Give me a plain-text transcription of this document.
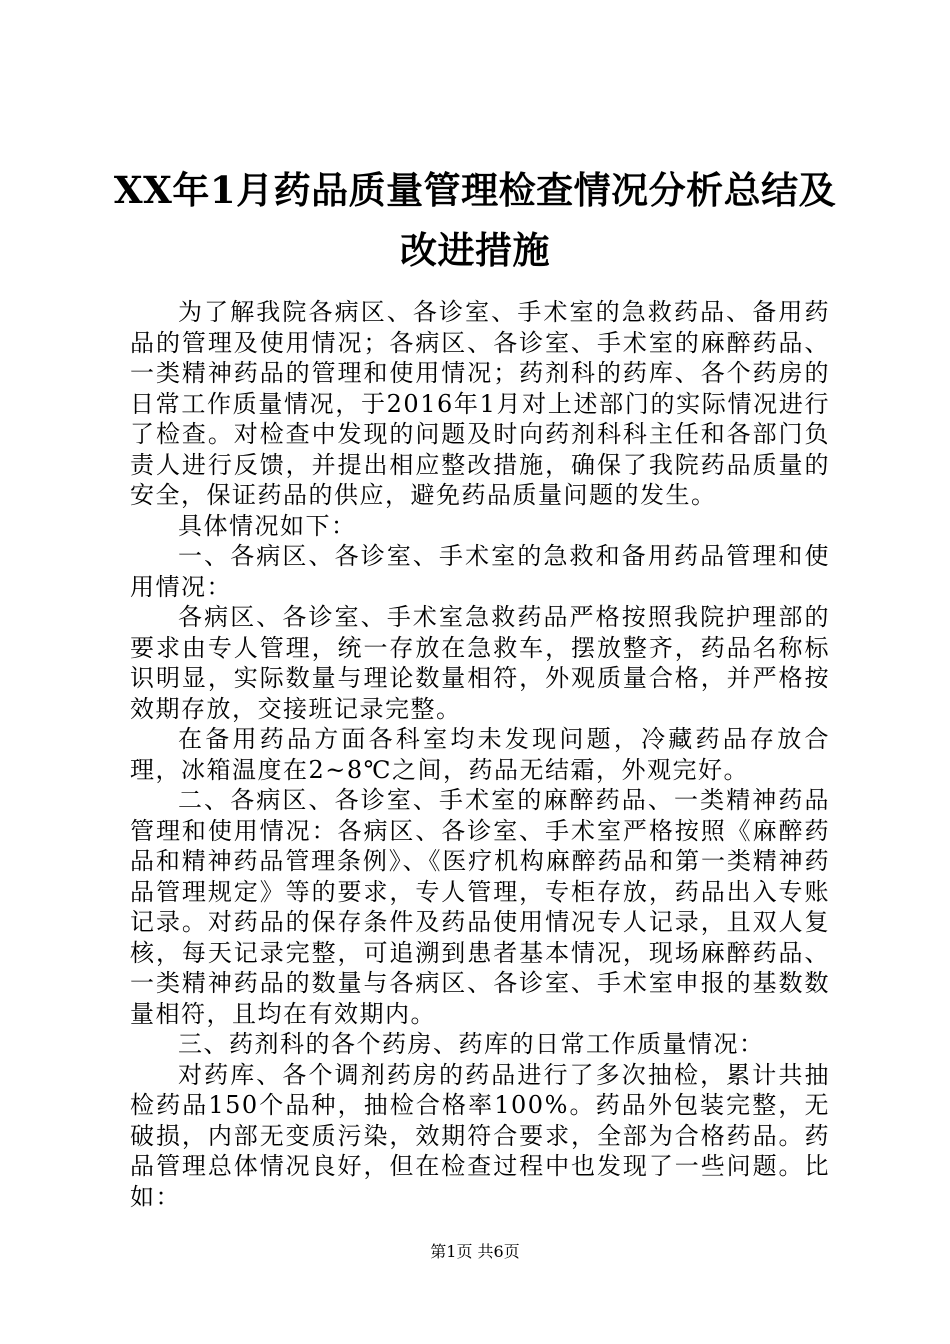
XX年1月药品质量管理检查情况分析总结及改进措施

为了解我院各病区、各诊室、手术室的急救药品、备用药品的管理及使用情况；各病区、各诊室、手术室的麻醉药品、一类精神药品的管理和使用情况；药剂科的药库、各个药房的日常工作质量情况，于2016年1月对上述部门的实际情况进行了检查。对检查中发现的问题及时向药剂科科主任和各部门负责人进行反馈，并提出相应整改措施，确保了我院药品质量的安全，保证药品的供应，避免药品质量问题的发生。

具体情况如下：

一、各病区、各诊室、手术室的急救和备用药品管理和使用情况：

各病区、各诊室、手术室急救药品严格按照我院护理部的要求由专人管理，统一存放在急救车，摆放整齐，药品名称标识明显，实际数量与理论数量相符，外观质量合格，并严格按效期存放，交接班记录完整。

在备用药品方面各科室均未发现问题，冷藏药品存放合理，冰箱温度在2~8℃之间，药品无结霜，外观完好。

二、各病区、各诊室、手术室的麻醉药品、一类精神药品管理和使用情况：各病区、各诊室、手术室严格按照《麻醉药品和精神药品管理条例》、《医疗机构麻醉药品和第一类精神药品管理规定》等的要求，专人管理，专柜存放，药品出入专账记录。对药品的保存条件及药品使用情况专人记录，且双人复核，每天记录完整，可追溯到患者基本情况，现场麻醉药品、一类精神药品的数量与各病区、各诊室、手术室申报的基数数量相符，且均在有效期内。

三、药剂科的各个药房、药库的日常工作质量情况：

对药库、各个调剂药房的药品进行了多次抽检，累计共抽检药品150个品种，抽检合格率100%。药品外包装完整，无破损，内部无变质污染，效期符合要求，全部为合格药品。药品管理总体情况良好，但在检查过程中也发现了一些问题。比如：

第1页 共6页
